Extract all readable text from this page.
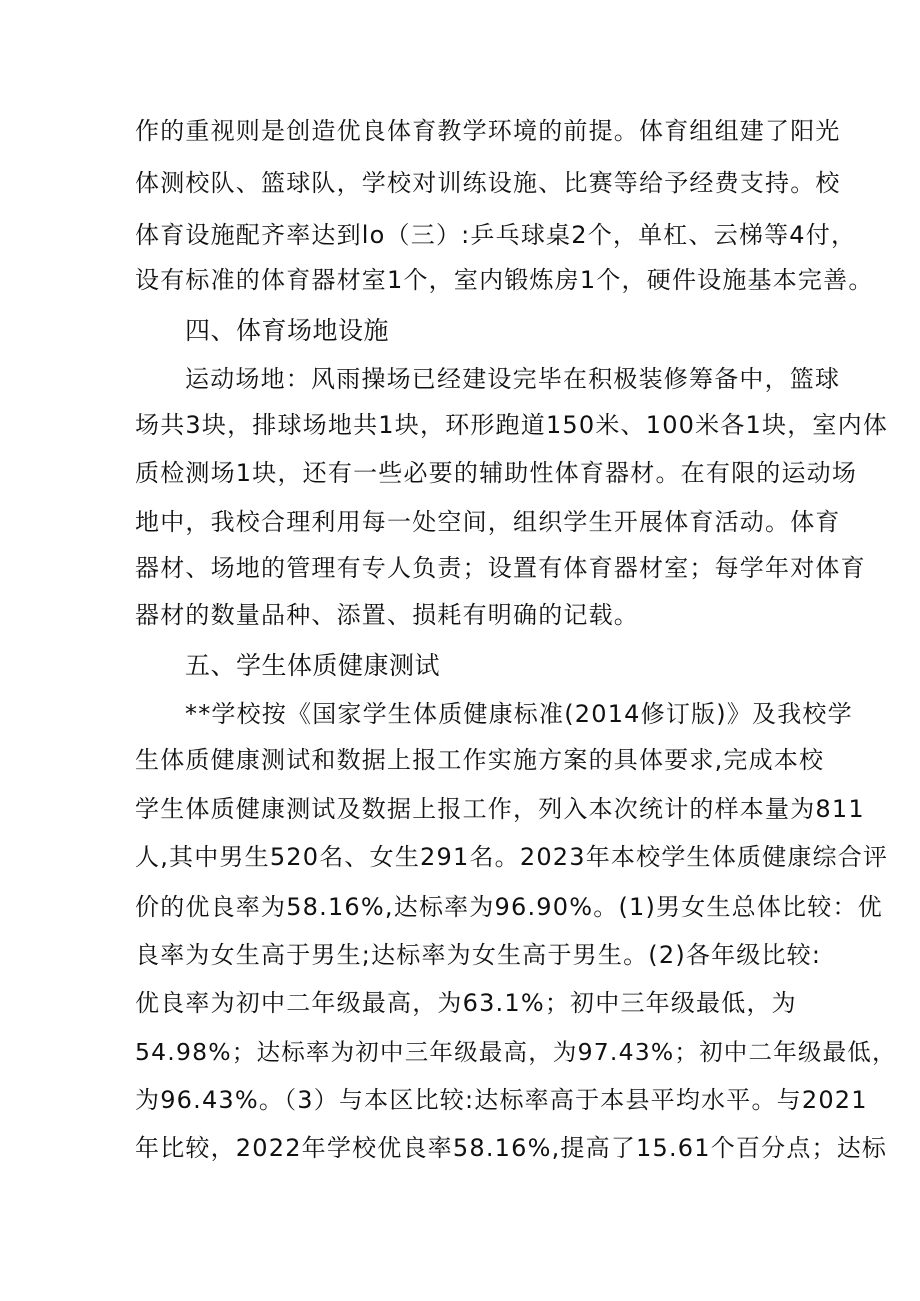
作的重视则是创造优良体育教学环境的前提。体育组组建了阳光
体测校队、篮球队，学校对训练设施、比赛等给予经费支持。校
体育设施配齐率达到lo（三）:乒乓球桌2个，单杠、云梯等4付，
设有标准的体育器材室1个，室内锻炼房1个，硬件设施基本完善。
四、体育场地设施
运动场地：风雨操场已经建设完毕在积极装修筹备中，篮球
场共3块，排球场地共1块，环形跑道150米、100米各1块，室内体
质检测场1块，还有一些必要的辅助性体育器材。在有限的运动场
地中，我校合理利用每一处空间，组织学生开展体育活动。体育
器材、场地的管理有专人负责；设置有体育器材室；每学年对体育
器材的数量品种、添置、损耗有明确的记载。
五、学生体质健康测试
**学校按《国家学生体质健康标准(2014修订版)》及我校学
生体质健康测试和数据上报工作实施方案的具体要求,完成本校
学生体质健康测试及数据上报工作，列入本次统计的样本量为811
人,其中男生520名、女生291名。2023年本校学生体质健康综合评
价的优良率为58.16%,达标率为96.90%。(1)男女生总体比较：优
良率为女生高于男生;达标率为女生高于男生。(2)各年级比较:
优良率为初中二年级最高，为63.1%；初中三年级最低，为
54.98%；达标率为初中三年级最高，为97.43%；初中二年级最低，
为96.43%。（3）与本区比较:达标率高于本县平均水平。与2021
年比较，2022年学校优良率58.16%,提高了15.61个百分点；达标
